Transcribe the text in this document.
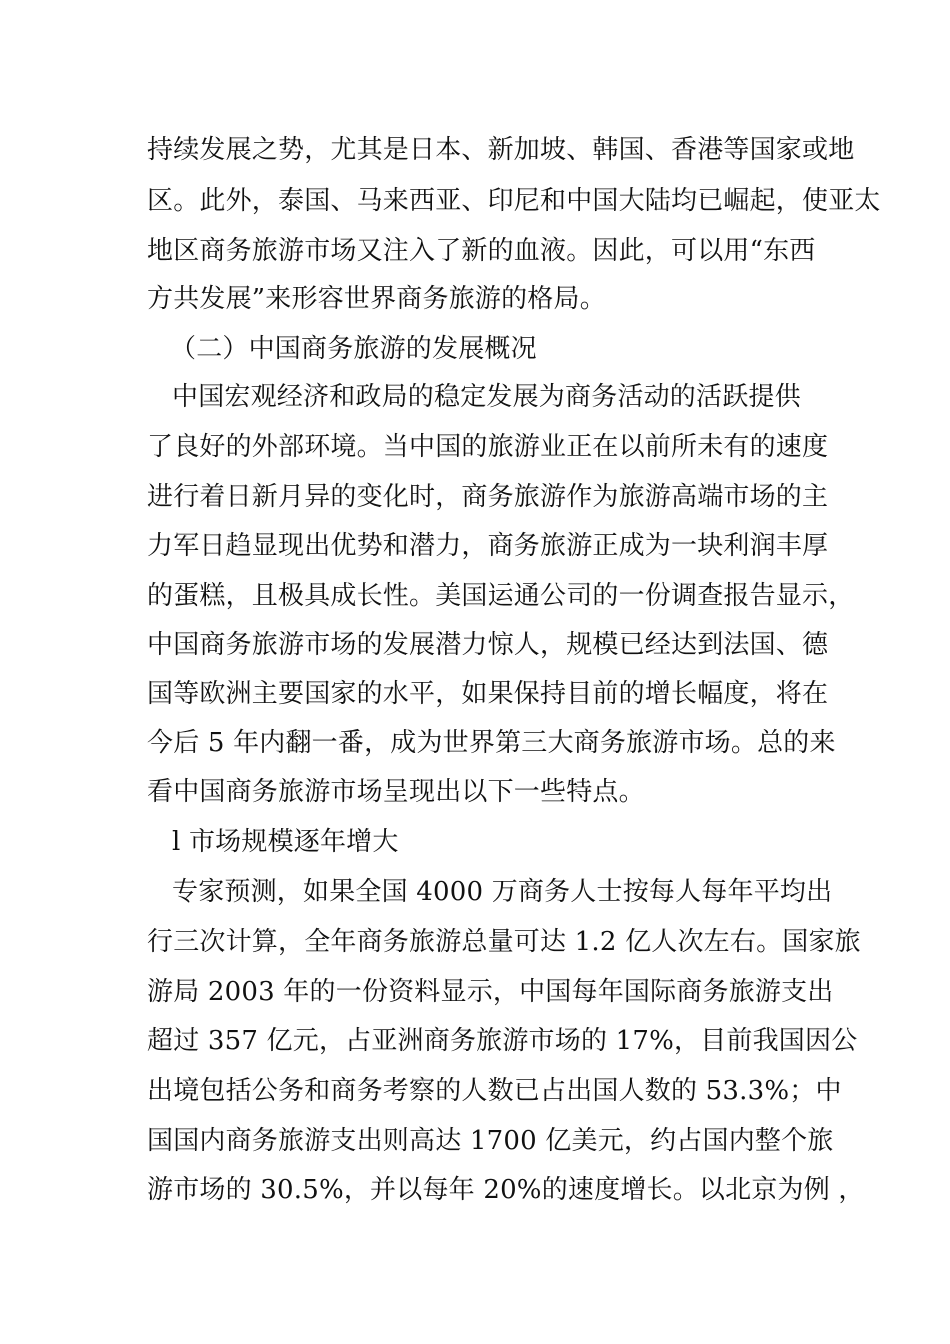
持续发展之势，尤其是日本、新加坡、韩国、香港等国家或地
区。此外，泰国、马来西亚、印尼和中国大陆均已崛起，使亚太
地区商务旅游市场又注入了新的血液。因此，可以用“东西
方共发展”来形容世界商务旅游的格局。
（二）中国商务旅游的发展概况
中国宏观经济和政局的稳定发展为商务活动的活跃提供
了良好的外部环境。当中国的旅游业正在以前所未有的速度
进行着日新月异的变化时，商务旅游作为旅游高端市场的主
力军日趋显现出优势和潜力，商务旅游正成为一块利润丰厚
的蛋糕，且极具成长性。美国运通公司的一份调查报告显示，
中国商务旅游市场的发展潜力惊人，规模已经达到法国、德
国等欧洲主要国家的水平，如果保持目前的增长幅度，将在
今后 5 年内翻一番，成为世界第三大商务旅游市场。总的来
看中国商务旅游市场呈现出以下一些特点。
l 市场规模逐年增大
专家预测，如果全国 4000 万商务人士按每人每年平均出
行三次计算，全年商务旅游总量可达 1.2 亿人次左右。国家旅
游局 2003 年的一份资料显示，中国每年国际商务旅游支出
超过 357 亿元，占亚洲商务旅游市场的 17%，目前我国因公
出境包括公务和商务考察的人数已占出国人数的 53.3%；中
国国内商务旅游支出则高达 1700 亿美元，约占国内整个旅
游市场的 30.5%，并以每年 20%的速度增长。以北京为例 ，
